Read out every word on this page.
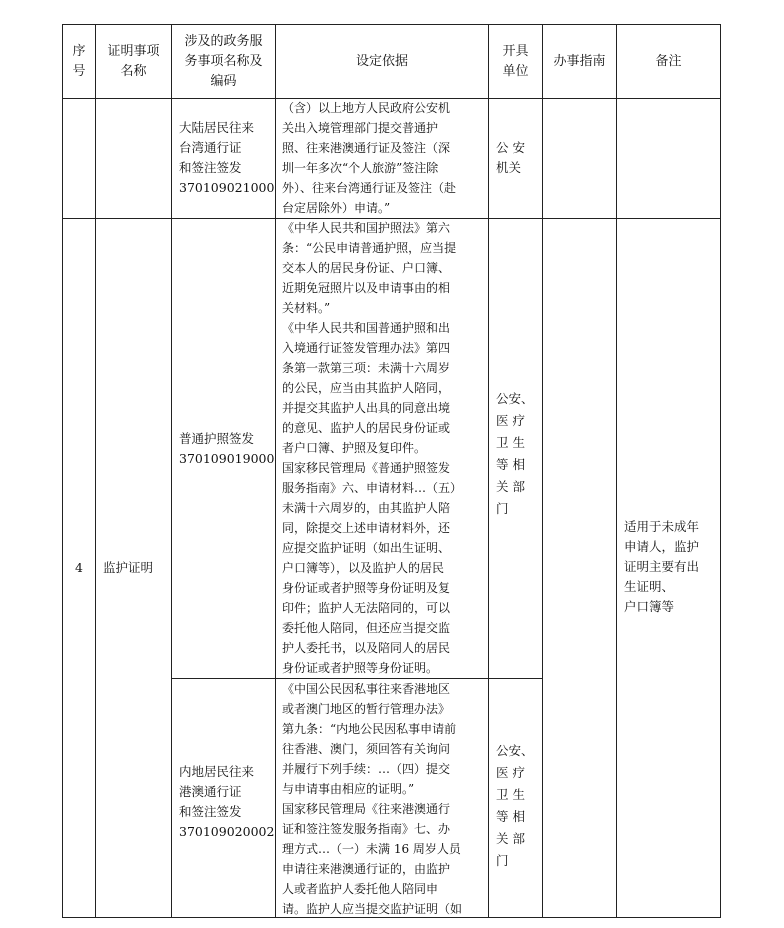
序
号
证明事项
名称
涉及的政务服
务事项名称及
编码
设定依据
开具
单位
办事指南	备注
大陆居民往来
台湾通行证
和签注签发
370109021000
（含）以上地方人民政府公安机
关出入境管理部门提交普通护
照、往来港澳通行证及签注（深
圳一年多次“个人旅游”签注除
外）、往来台湾通行证及签注（赴
台定居除外）申请。”
公 安
机关
4	监护证明
普通护照签发
370109019000
《中华人民共和国护照法》第六
条：“公民申请普通护照，应当提
交本人的居民身份证、户口簿、
近期免冠照片以及申请事由的相
关材料。”
《中华人民共和国普通护照和出
入境通行证签发管理办法》第四
条第一款第三项：未满十六周岁
的公民，应当由其监护人陪同，
并提交其监护人出具的同意出境
的意见、监护人的居民身份证或
者户口簿、护照及复印件。
国家移民管理局《普通护照签发
服务指南》六、申请材料…（五）
未满十六周岁的，由其监护人陪
同，除提交上述申请材料外，还
应提交监护证明（如出生证明、
户口簿等），以及监护人的居民
身份证或者护照等身份证明及复
印件；监护人无法陪同的，可以
委托他人陪同，但还应当提交监
护人委托书，以及陪同人的居民
身份证或者护照等身份证明。
公安、
医 疗
卫 生
等 相
关 部
门
适用于未成年
申请人，监护
证明主要有出
生证明、
户口簿等
内地居民往来
港澳通行证
和签注签发
370109020002
《中国公民因私事往来香港地区
或者澳门地区的暂行管理办法》
第九条：“内地公民因私事申请前
往香港、澳门，须回答有关询问
并履行下列手续：…（四）提交
与申请事由相应的证明。”
国家移民管理局《往来港澳通行
证和签注签发服务指南》七、办
理方式…（一）未满 16 周岁人员
申请往来港澳通行证的，由监护
人或者监护人委托他人陪同申
请。监护人应当提交监护证明（如
公安、
医 疗
卫 生
等 相
关 部
门
